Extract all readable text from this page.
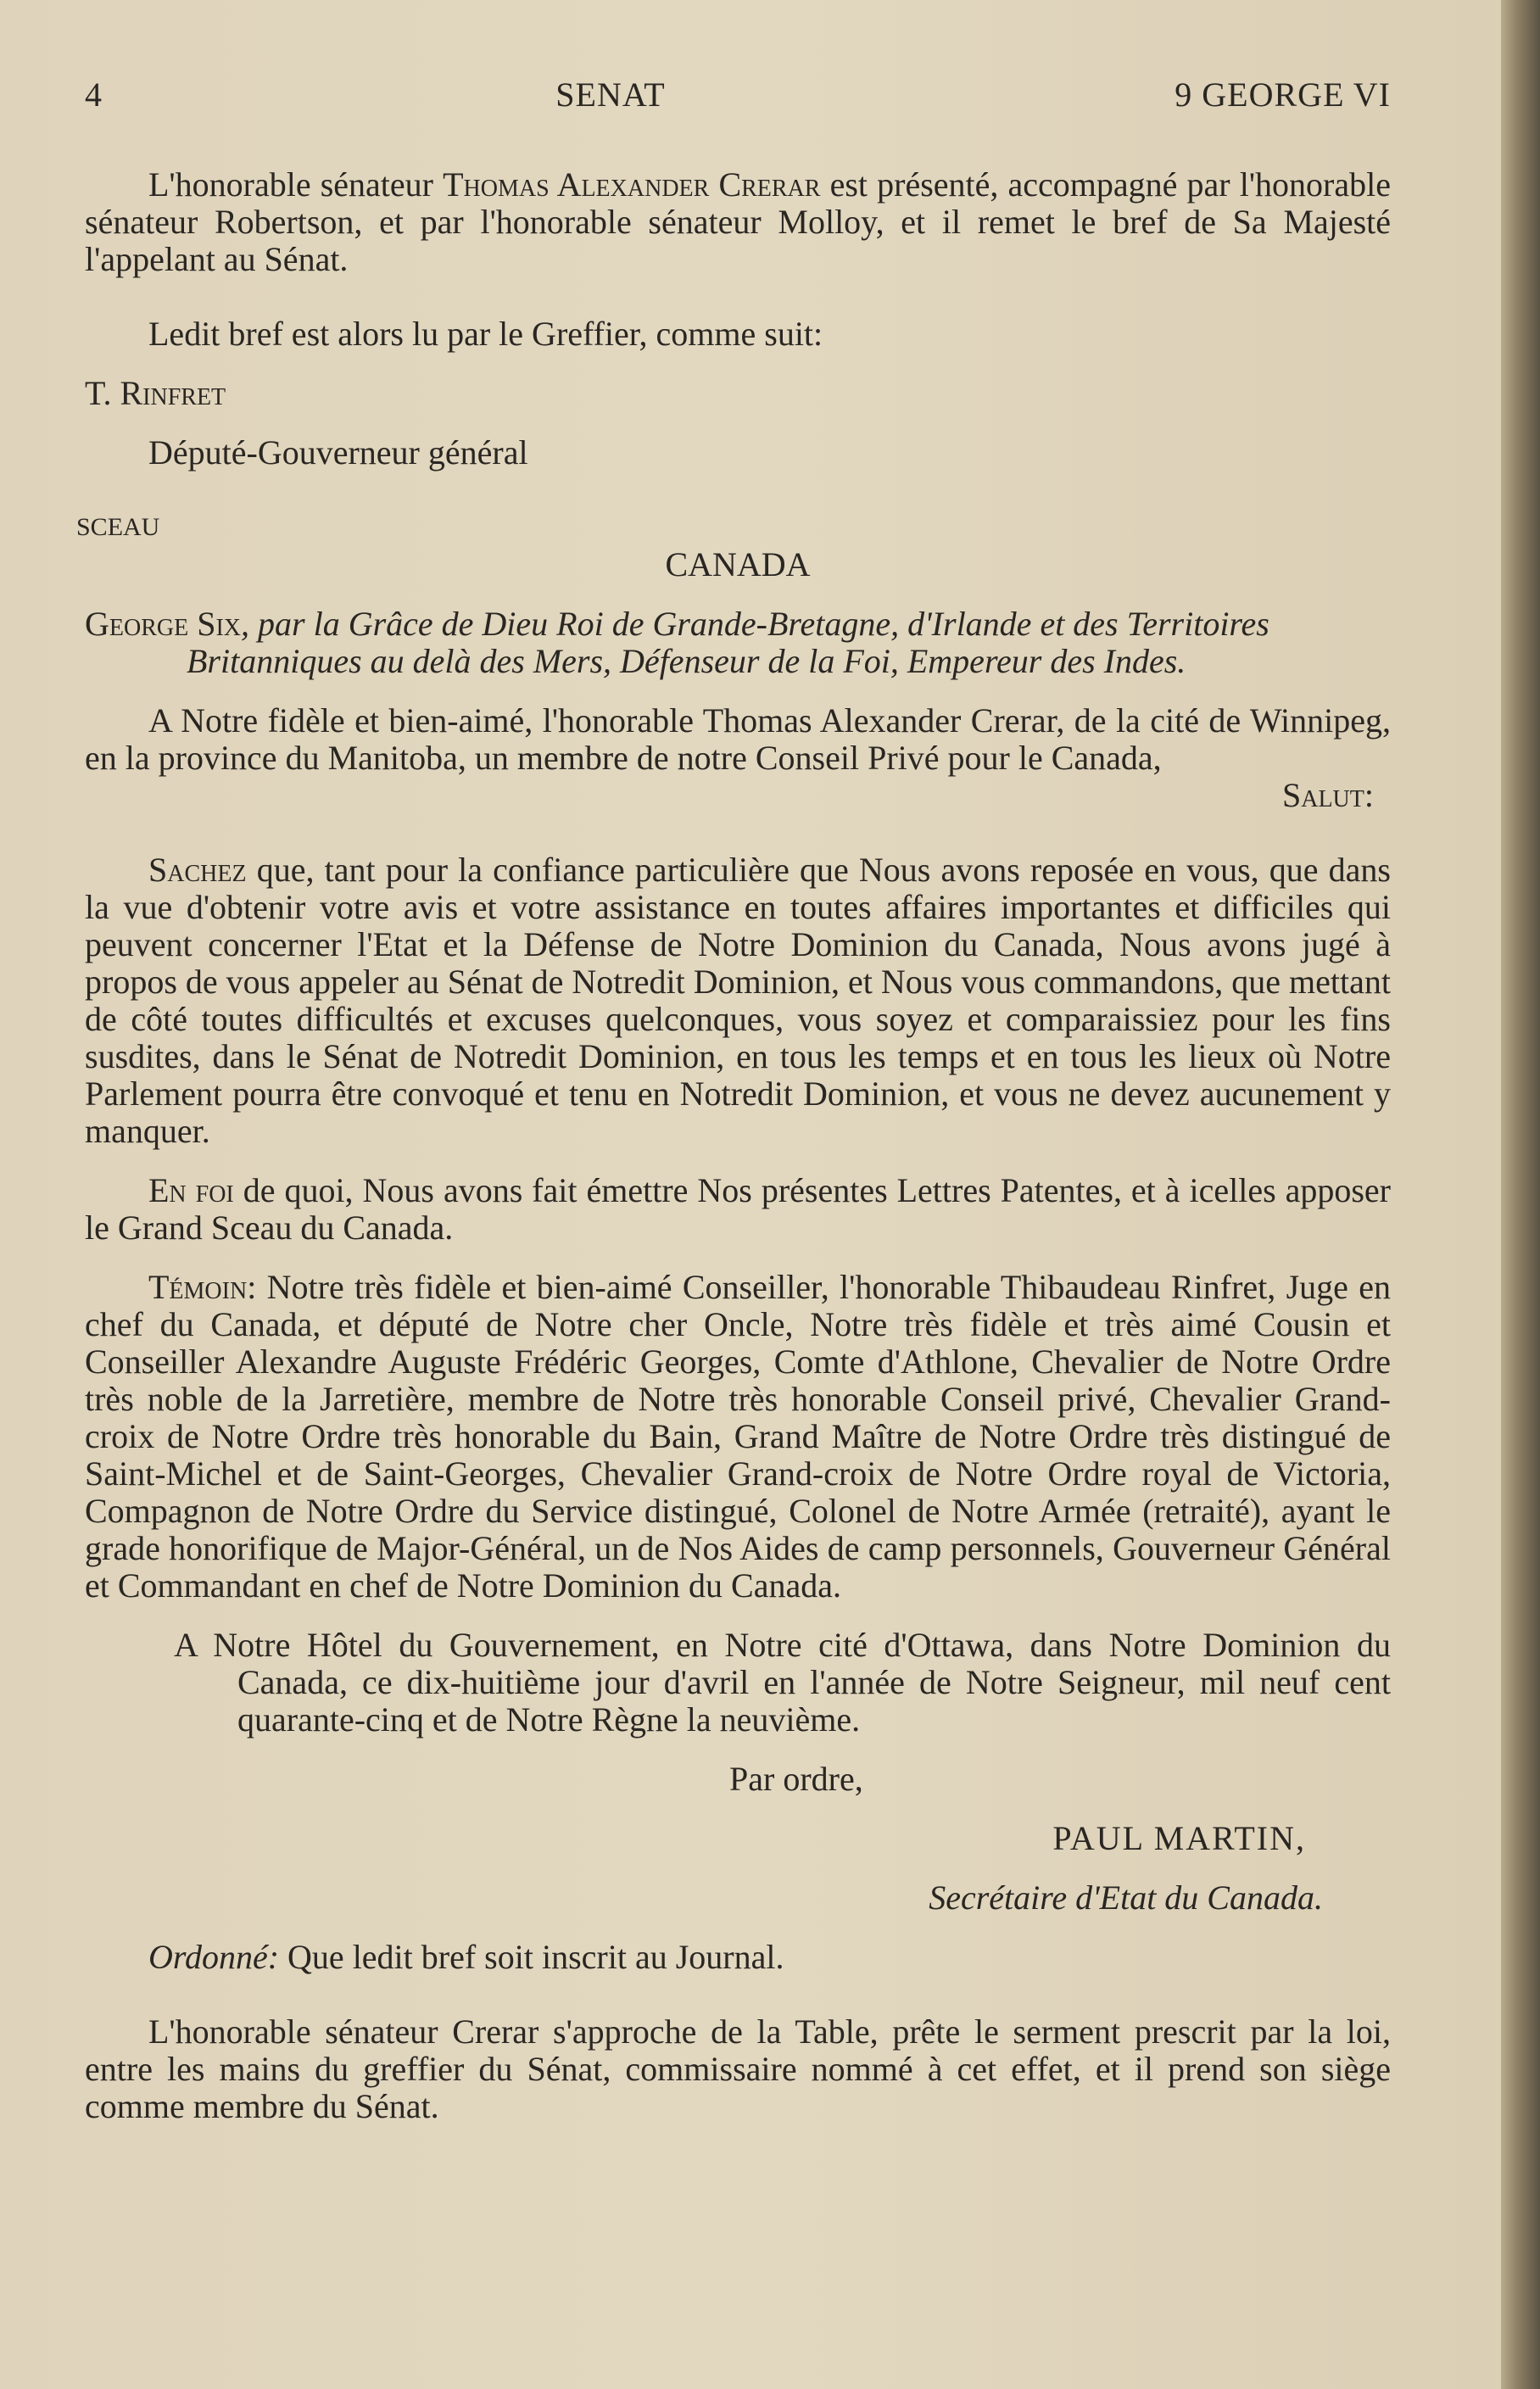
4	SENAT	9 GEORGE VI

L'honorable sénateur Thomas Alexander Crerar est présenté, accompagné par l'honorable sénateur Robertson, et par l'honorable sénateur Molloy, et il remet le bref de Sa Majesté l'appelant au Sénat.

Ledit bref est alors lu par le Greffier, comme suit:

T. Rinfret

Député-Gouverneur général

SCEAU

CANADA

George Six, par la Grâce de Dieu Roi de Grande-Bretagne, d'Irlande et des Territoires Britanniques au delà des Mers, Défenseur de la Foi, Empereur des Indes.

A Notre fidèle et bien-aimé, l'honorable Thomas Alexander Crerar, de la cité de Winnipeg, en la province du Manitoba, un membre de notre Conseil Privé pour le Canada,

Salut:

Sachez que, tant pour la confiance particulière que Nous avons reposée en vous, que dans la vue d'obtenir votre avis et votre assistance en toutes affaires importantes et difficiles qui peuvent concerner l'Etat et la Défense de Notre Dominion du Canada, Nous avons jugé à propos de vous appeler au Sénat de Notredit Dominion, et Nous vous commandons, que mettant de côté toutes difficultés et excuses quelconques, vous soyez et comparaissiez pour les fins susdites, dans le Sénat de Notredit Dominion, en tous les temps et en tous les lieux où Notre Parlement pourra être convoqué et tenu en Notredit Dominion, et vous ne devez aucunement y manquer.

En foi de quoi, Nous avons fait émettre Nos présentes Lettres Patentes, et à icelles apposer le Grand Sceau du Canada.

Témoin: Notre très fidèle et bien-aimé Conseiller, l'honorable Thibaudeau Rinfret, Juge en chef du Canada, et député de Notre cher Oncle, Notre très fidèle et très aimé Cousin et Conseiller Alexandre Auguste Frédéric Georges, Comte d'Athlone, Chevalier de Notre Ordre très noble de la Jarretière, membre de Notre très honorable Conseil privé, Chevalier Grand-croix de Notre Ordre très honorable du Bain, Grand Maître de Notre Ordre très distingué de Saint-Michel et de Saint-Georges, Chevalier Grand-croix de Notre Ordre royal de Victoria, Compagnon de Notre Ordre du Service distingué, Colonel de Notre Armée (retraité), ayant le grade honorifique de Major-Général, un de Nos Aides de camp personnels, Gouverneur Général et Commandant en chef de Notre Dominion du Canada.

A Notre Hôtel du Gouvernement, en Notre cité d'Ottawa, dans Notre Dominion du Canada, ce dix-huitième jour d'avril en l'année de Notre Seigneur, mil neuf cent quarante-cinq et de Notre Règne la neuvième.

Par ordre,

PAUL MARTIN,

Secrétaire d'Etat du Canada.

Ordonné: Que ledit bref soit inscrit au Journal.

L'honorable sénateur Crerar s'approche de la Table, prête le serment prescrit par la loi, entre les mains du greffier du Sénat, commissaire nommé à cet effet, et il prend son siège comme membre du Sénat.
